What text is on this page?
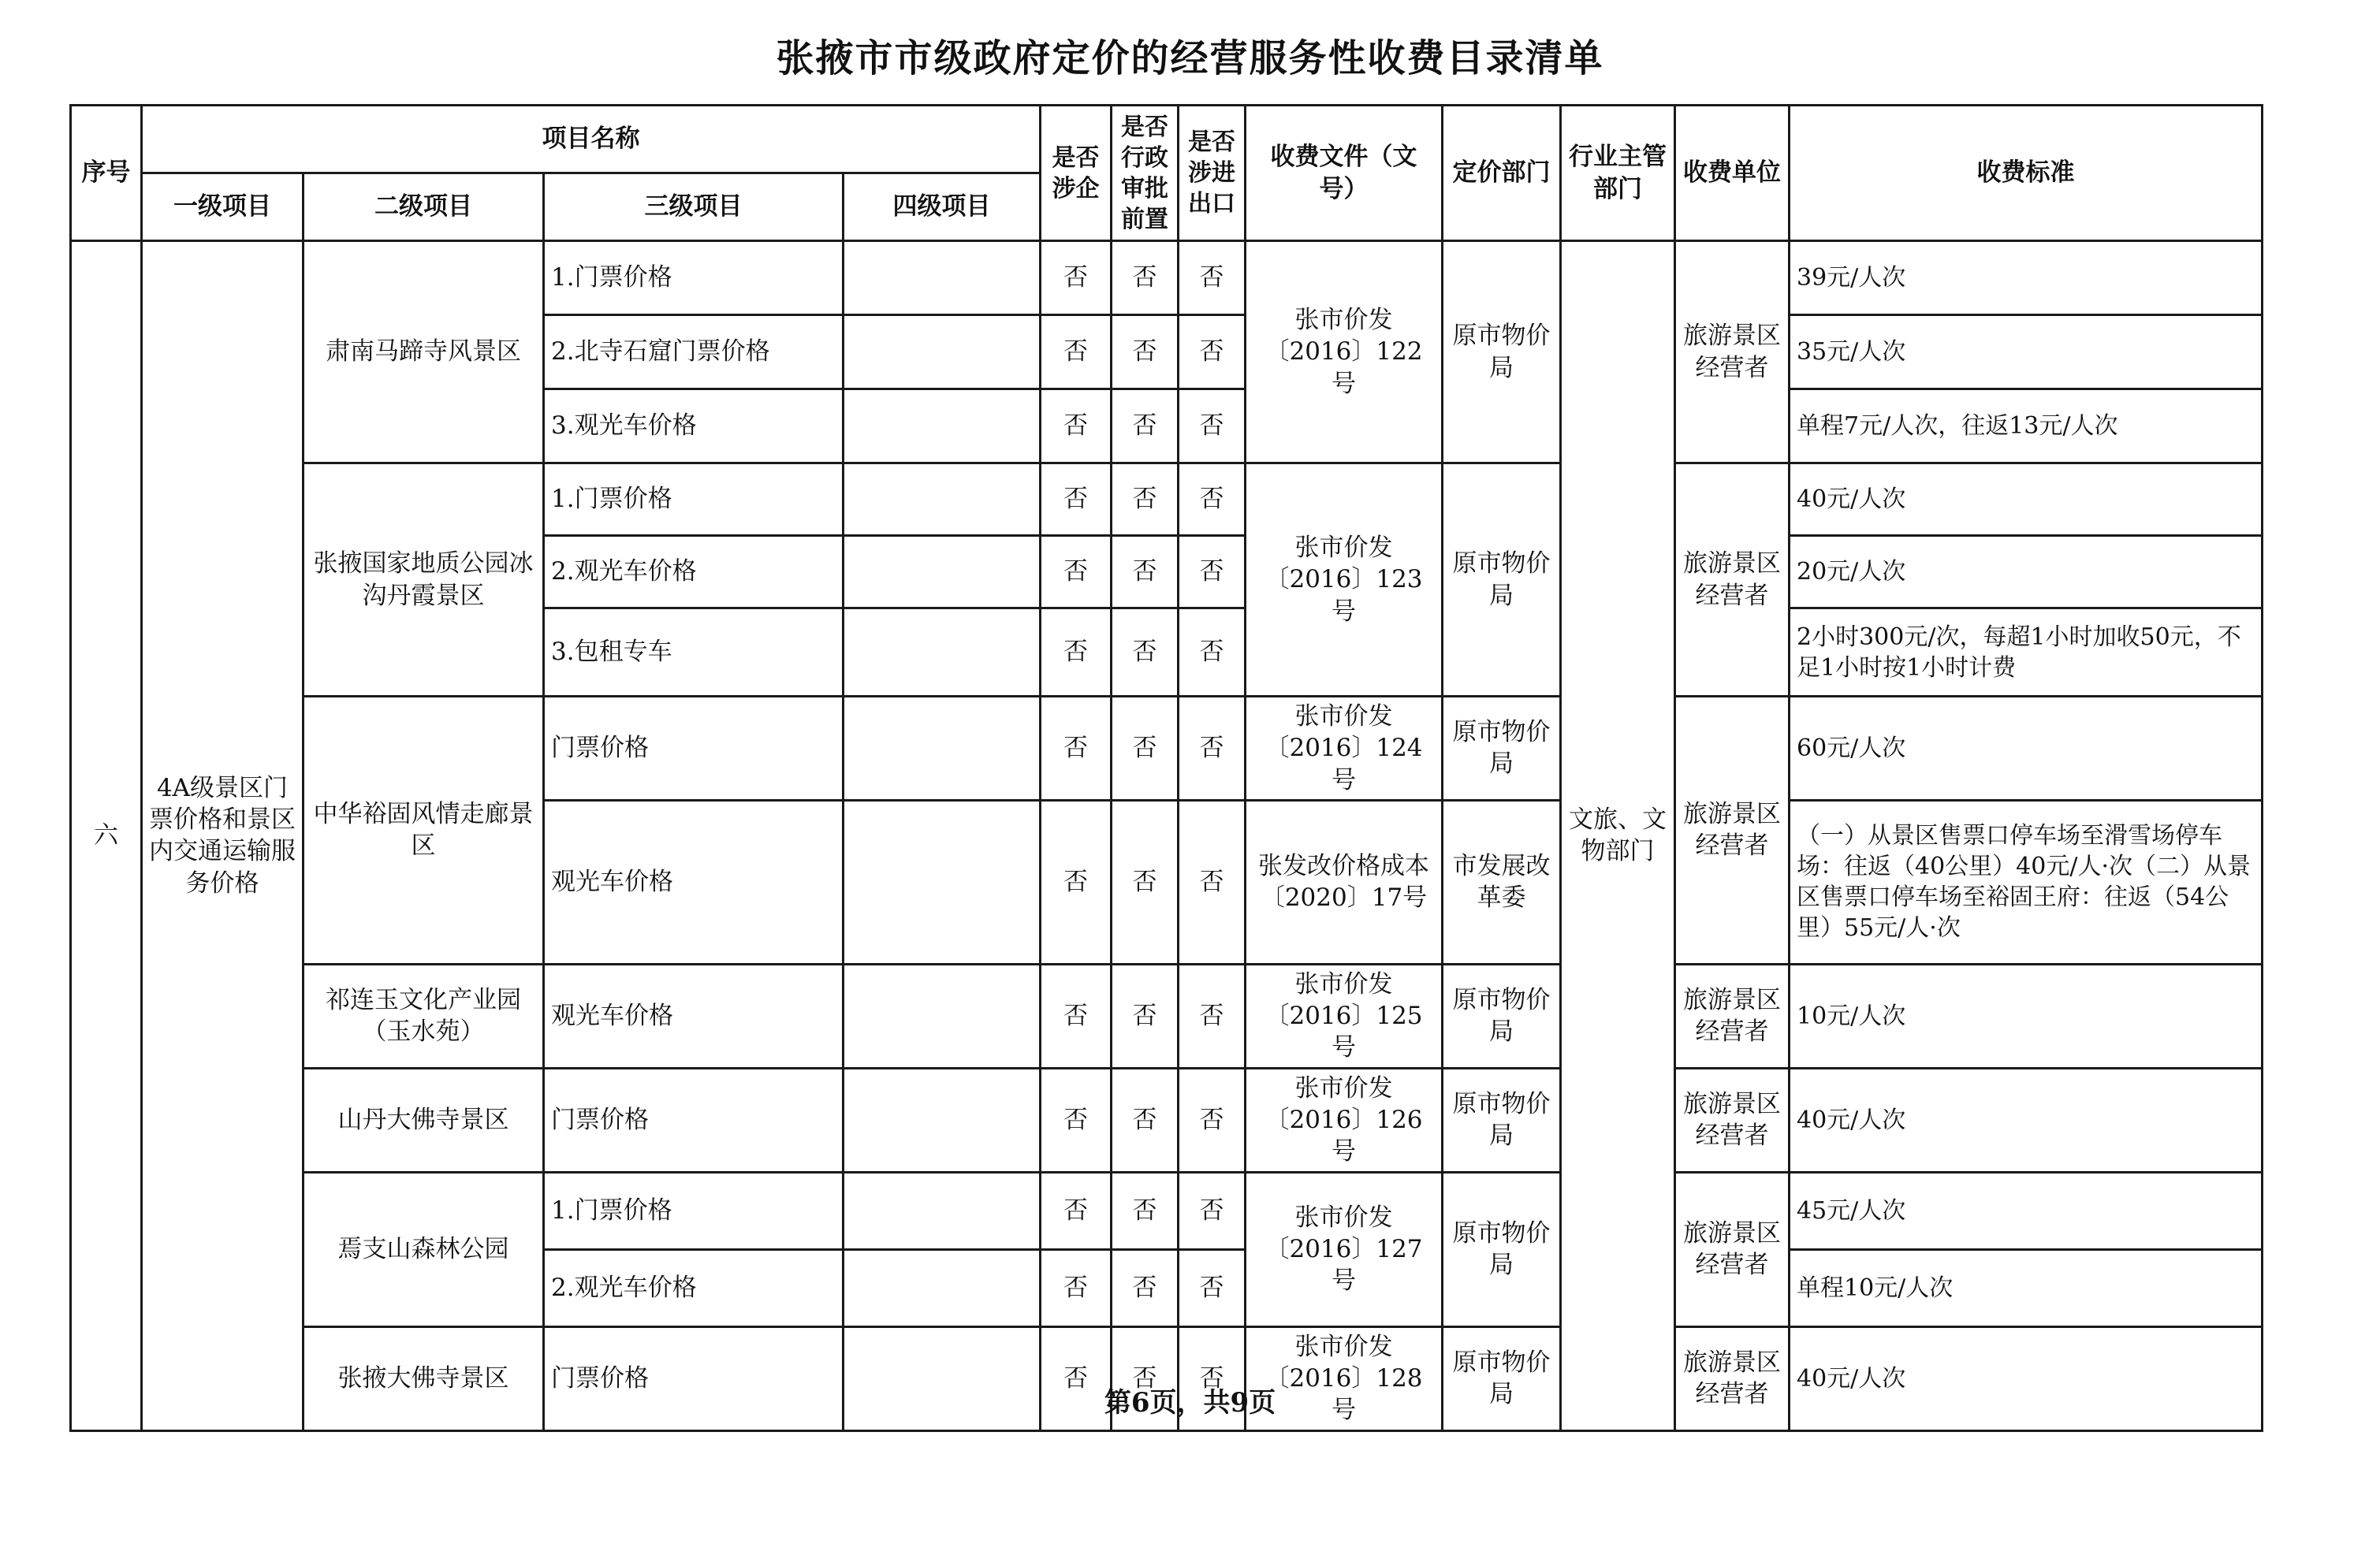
张掖市市级政府定价的经营服务性收费目录清单
序号	项目名称				是否涉企	是否行政审批前置	是否涉进出口	收费文件（文号）	定价部门	行业主管部门	收费单位	收费标准
	一级项目	二级项目	三级项目	四级项目								
六	4A级景区门票价格和景区内交通运输服务价格	肃南马蹄寺风景区	1.门票价格		否	否	否	张市价发〔2016〕122号	原市物价局	文旅、文物部门	旅游景区经营者	39元/人次
			2.北寺石窟门票价格		否	否	否					35元/人次
			3.观光车价格		否	否	否					单程7元/人次，往返13元/人次
		张掖国家地质公园冰沟丹霞景区	1.门票价格		否	否	否	张市价发〔2016〕123号	原市物价局		旅游景区经营者	40元/人次
			2.观光车价格		否	否	否					20元/人次
			3.包租专车		否	否	否					2小时300元/次，每超1小时加收50元，不足1小时按1小时计费
		中华裕固风情走廊景区	门票价格		否	否	否	张市价发〔2016〕124号	原市物价局		旅游景区经营者	60元/人次
			观光车价格		否	否	否	张发改价格成本〔2020〕17号	市发展改革委			（一）从景区售票口停车场至滑雪场停车场：往返（40公里）40元/人·次（二）从景区售票口停车场至裕固王府：往返（54公里）55元/人·次
		祁连玉文化产业园（玉水苑）	观光车价格		否	否	否	张市价发〔2016〕125号	原市物价局		旅游景区经营者	10元/人次
		山丹大佛寺景区	门票价格		否	否	否	张市价发〔2016〕126号	原市物价局		旅游景区经营者	40元/人次
		焉支山森林公园	1.门票价格		否	否	否	张市价发〔2016〕127号	原市物价局		旅游景区经营者	45元/人次
			2.观光车价格		否	否	否					单程10元/人次
		张掖大佛寺景区	门票价格		否	否	否	张市价发〔2016〕128号	原市物价局		旅游景区经营者	40元/人次
第6页，共9页
